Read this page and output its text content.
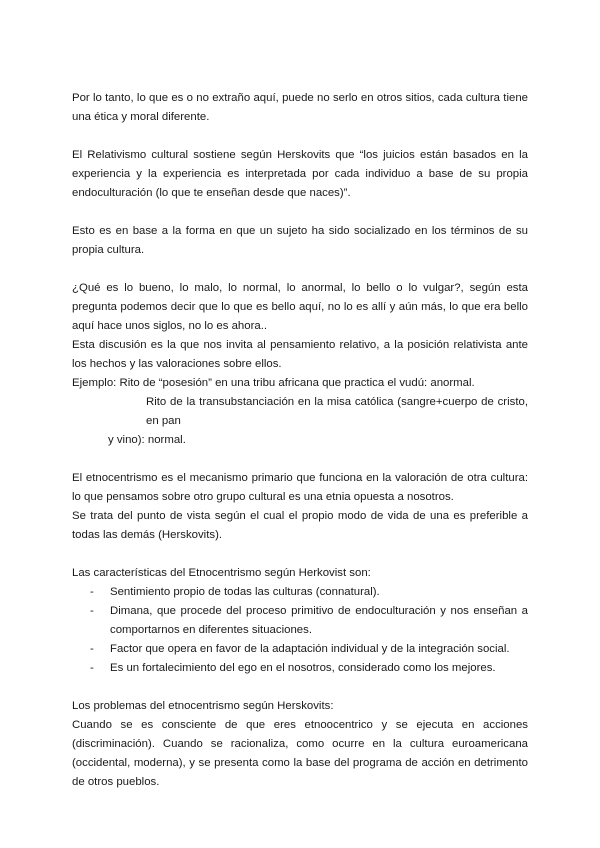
Por lo tanto, lo que es o no extraño aquí, puede no serlo en otros sitios, cada cultura tiene una ética y moral diferente.

El Relativismo cultural sostiene según Herskovits que “los juicios están basados en la experiencia y la experiencia es interpretada por cada individuo a base de su propia endoculturación (lo que te enseñan desde que naces)”.

Esto es en base a la forma en que un sujeto ha sido socializado en los términos de su propia cultura.

¿Qué es lo bueno, lo malo, lo normal, lo anormal, lo bello o lo vulgar?, según esta pregunta podemos decir que lo que es bello aquí, no lo es allí y aún más, lo que era bello aquí hace unos siglos, no lo es ahora..

Esta discusión es la que nos invita al pensamiento relativo, a la posición relativista ante los hechos y las valoraciones sobre ellos.

Ejemplo: Rito de “posesión” en una tribu africana que practica el vudú: anormal.

Rito de la transubstanciación en la misa católica (sangre+cuerpo de cristo, en pan

y vino): normal.

El etnocentrismo es el mecanismo primario que funciona en la valoración de otra cultura: lo que pensamos sobre otro grupo cultural es una etnia opuesta a nosotros.

Se trata del punto de vista según el cual el propio modo de vida de una es preferible a todas las demás (Herskovits).

Las características del Etnocentrismo según Herkovist son:

- Sentimiento propio de todas las culturas (connatural).
- Dimana, que procede del proceso primitivo de endoculturación y nos enseñan a comportarnos en diferentes situaciones.
- Factor que opera en favor de la adaptación individual y de la integración social.
- Es un fortalecimiento del ego en el nosotros, considerado como los mejores.

Los problemas del etnocentrismo según Herskovits:

Cuando se es consciente de que eres etnoocentrico y se ejecuta en acciones (discriminación). Cuando se racionaliza, como ocurre en la cultura euroamericana (occidental, moderna), y se presenta como la base del programa de acción en detrimento de otros pueblos.
